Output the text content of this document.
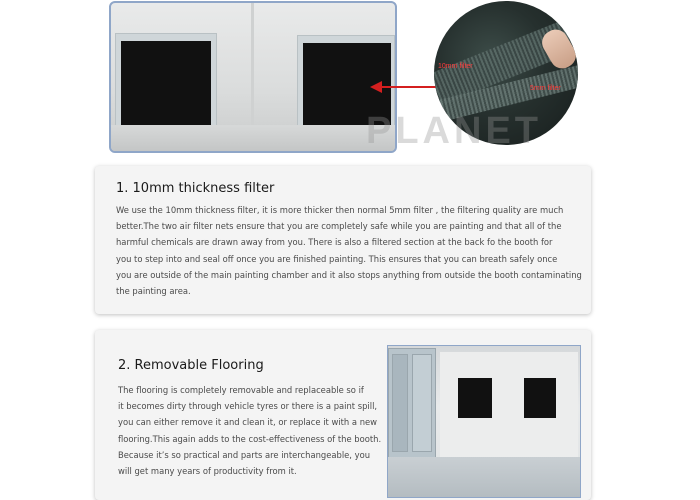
10mm filter
5mm filter
PLANET
1. 10mm thickness filter
We use the 10mm thickness filter, it is more thicker then normal 5mm filter , the filtering quality are much
better.The two air filter nets ensure that you are completely safe while you are painting and that all of the
harmful chemicals are drawn away from you. There is also a filtered section at the back fo the booth for
you to step into and seal off once you are finished painting. This ensures that you can breath safely once
you are outside of the main painting chamber and it also stops anything from outside the booth contaminating
the painting area.
2. Removable Flooring
The flooring is completely removable and replaceable so if
it becomes dirty through vehicle tyres or there is a paint spill,
you can either remove it and clean it, or replace it with a new
flooring.This again adds to the cost-effectiveness of the booth.
Because it’s so practical and parts are interchangeable, you
will get many years of productivity from it.
